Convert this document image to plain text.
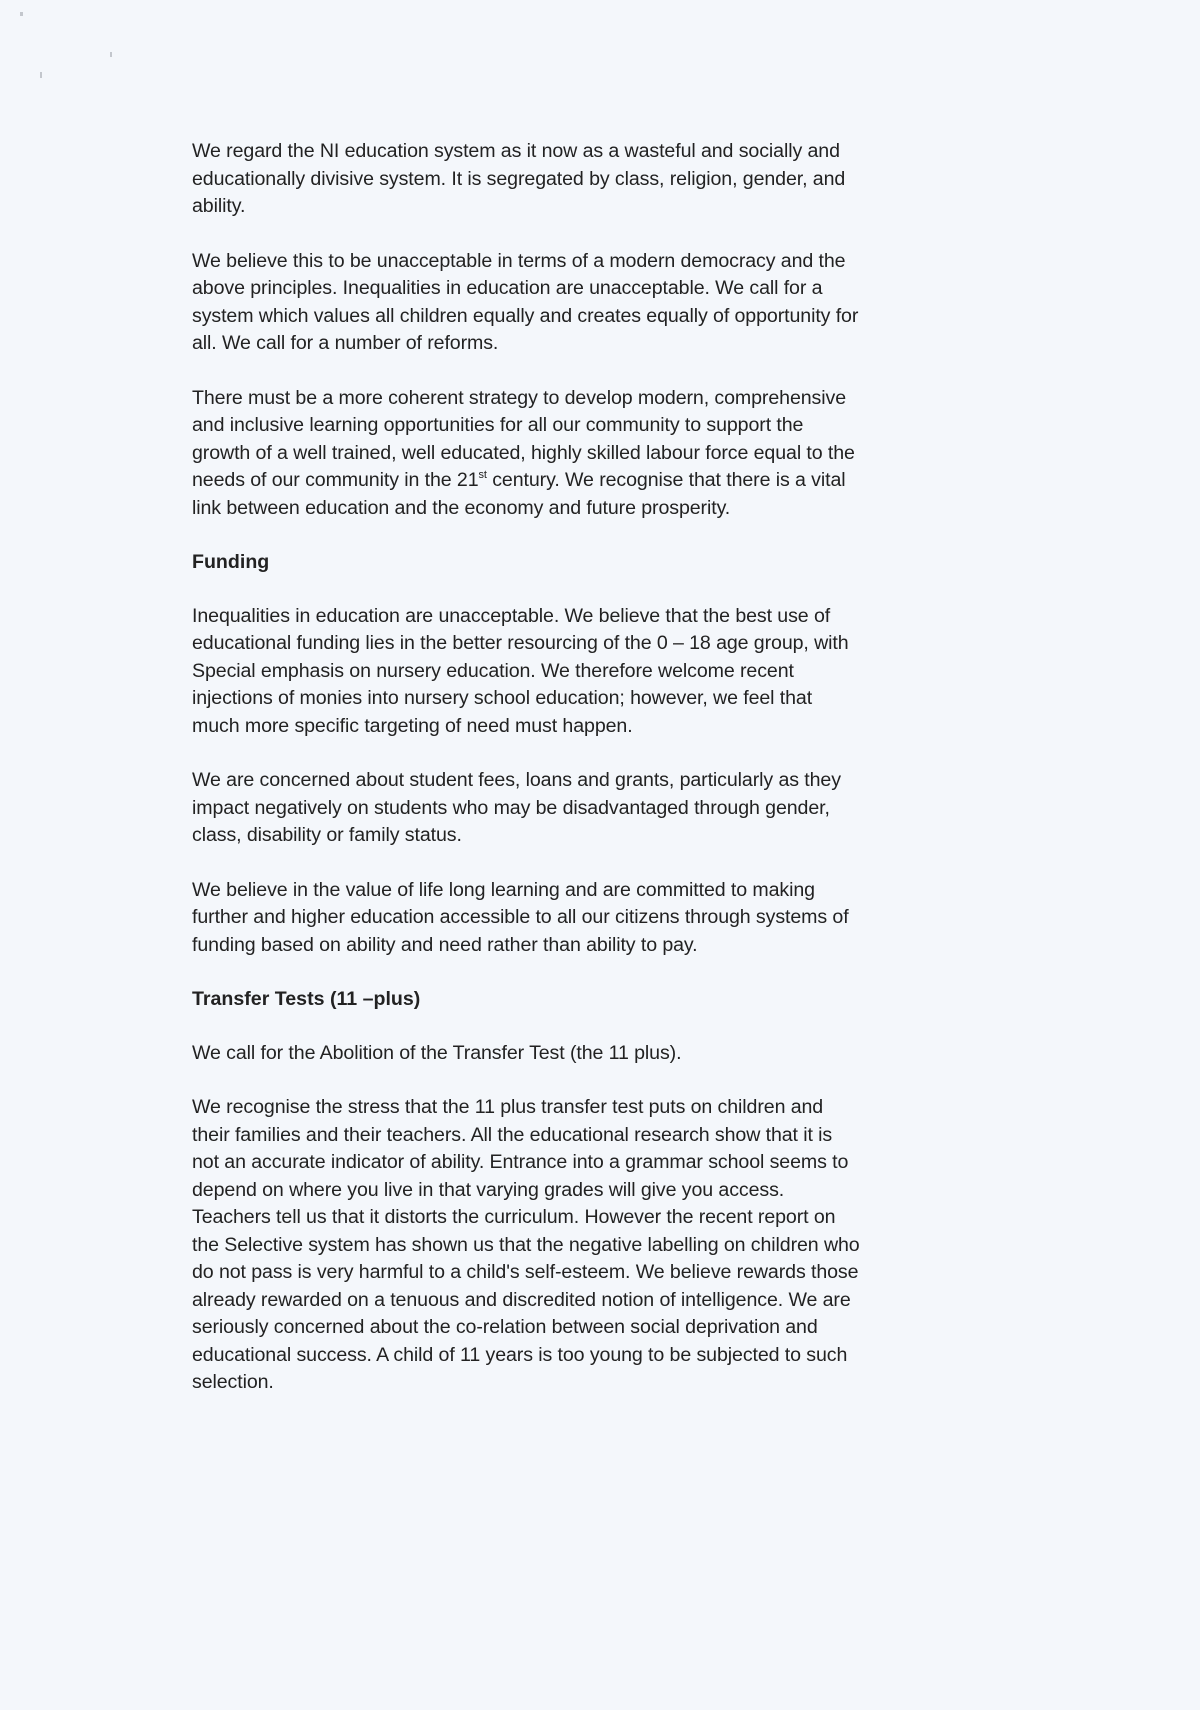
We regard the NI education system as it now as a wasteful and socially and
educationally divisive system. It is segregated by class, religion, gender, and
ability.
We believe this to be unacceptable in terms of a modern democracy and the
above principles. Inequalities in education are unacceptable. We call for a
system which values all children equally and creates equally of opportunity for
all. We call for a number of reforms.
There must be a more coherent strategy to develop modern, comprehensive
and inclusive learning opportunities for all our community to support the
growth of a well trained, well educated, highly skilled labour force equal to the
needs of our community in the 21st century. We recognise that there is a vital
link between education and the economy and future prosperity.
Funding
Inequalities in education are unacceptable. We believe that the best use of
educational funding lies in the better resourcing of the 0 – 18 age group, with
Special emphasis on nursery education. We therefore welcome recent
injections of monies into nursery school education; however, we feel that
much more specific targeting of need must happen.
We are concerned about student fees, loans and grants, particularly as they
impact negatively on students who may be disadvantaged through gender,
class, disability or family status.
We believe in the value of life long learning and are committed to making
further and higher education accessible to all our citizens through systems of
funding based on ability and need rather than ability to pay.
Transfer Tests (11 –plus)
We call for the Abolition of the Transfer Test (the 11 plus).
We recognise the stress that the 11 plus transfer test puts on children and
their families and their teachers. All the educational research show that it is
not an accurate indicator of ability. Entrance into a grammar school seems to
depend on where you live in that varying grades will give you access.
Teachers tell us that it distorts the curriculum. However the recent report on
the Selective system has shown us that the negative labelling on children who
do not pass is very harmful to a child's self-esteem. We believe rewards those
already rewarded on a tenuous and discredited notion of intelligence. We are
seriously concerned about the co-relation between social deprivation and
educational success. A child of 11 years is too young to be subjected to such
selection.
